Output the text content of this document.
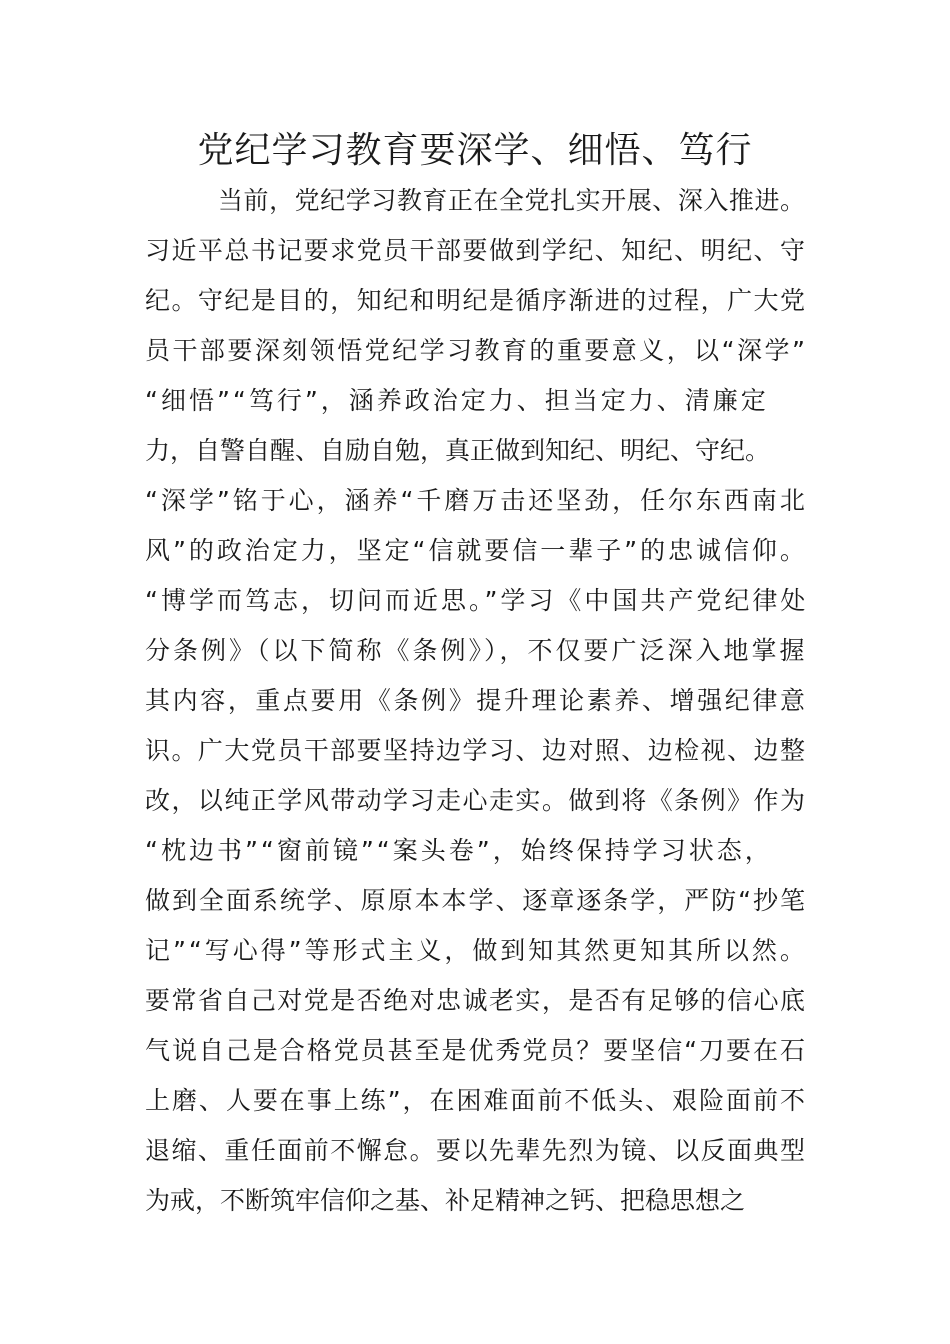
党纪学习教育要深学、细悟、笃行
当前，党纪学习教育正在全党扎实开展、深入推进。
习近平总书记要求党员干部要做到学纪、知纪、明纪、守
纪。守纪是目的，知纪和明纪是循序渐进的过程，广大党
员干部要深刻领悟党纪学习教育的重要意义，以“深学”
“细悟”“笃行”，涵养政治定力、担当定力、清廉定
力，自警自醒、自励自勉，真正做到知纪、明纪、守纪。
“深学”铭于心，涵养“千磨万击还坚劲，任尔东西南北
风”的政治定力，坚定“信就要信一辈子”的忠诚信仰。
“博学而笃志，切问而近思。”学习《中国共产党纪律处
分条例》（以下简称《条例》），不仅要广泛深入地掌握
其内容，重点要用《条例》提升理论素养、增强纪律意
识。广大党员干部要坚持边学习、边对照、边检视、边整
改，以纯正学风带动学习走心走实。做到将《条例》作为
“枕边书”“窗前镜”“案头卷”，始终保持学习状态，
做到全面系统学、原原本本学、逐章逐条学，严防“抄笔
记”“写心得”等形式主义，做到知其然更知其所以然。
要常省自己对党是否绝对忠诚老实，是否有足够的信心底
气说自己是合格党员甚至是优秀党员？要坚信“刀要在石
上磨、人要在事上练”，在困难面前不低头、艰险面前不
退缩、重任面前不懈怠。要以先辈先烈为镜、以反面典型
为戒，不断筑牢信仰之基、补足精神之钙、把稳思想之
